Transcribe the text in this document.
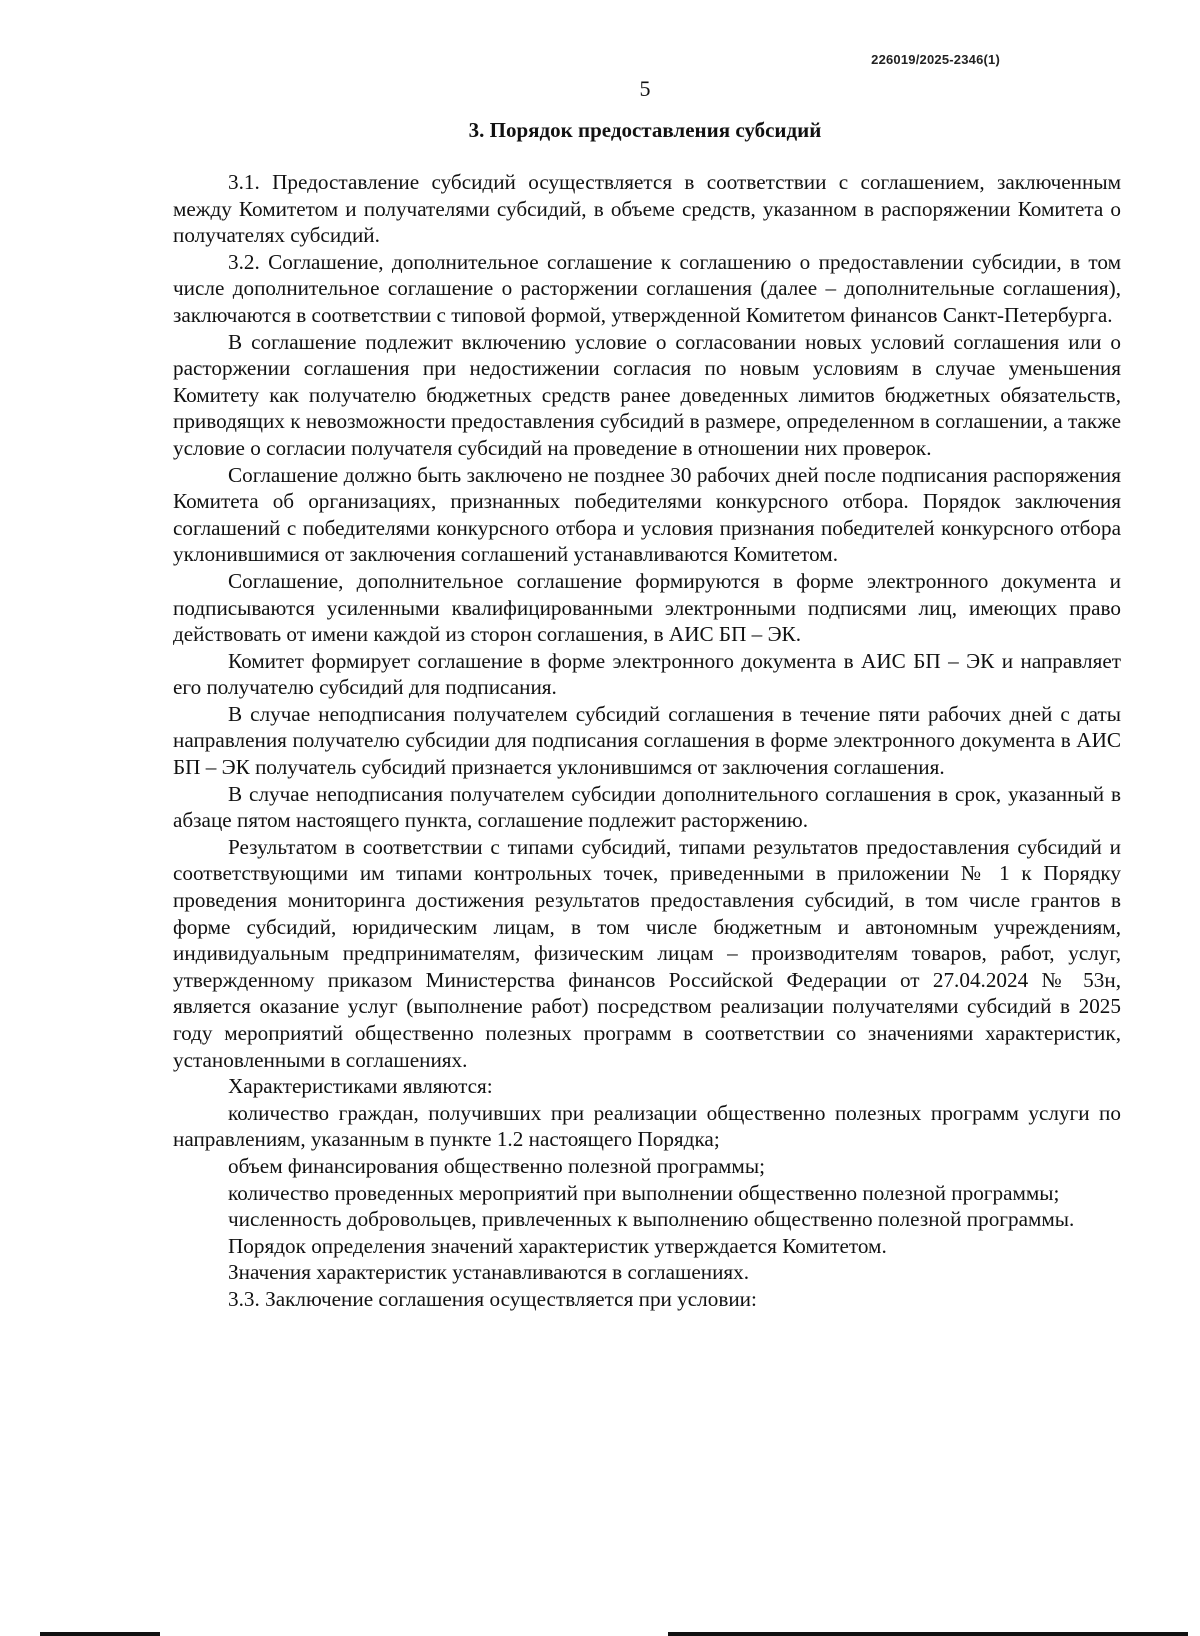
226019/2025-2346(1)
5
3. Порядок предоставления субсидий

3.1. Предоставление субсидий осуществляется в соответствии с соглашением, заключенным между Комитетом и получателями субсидий, в объеме средств, указанном в распоряжении Комитета о получателях субсидий.

3.2. Соглашение, дополнительное соглашение к соглашению о предоставлении субсидии, в том числе дополнительное соглашение о расторжении соглашения (далее – дополнительные соглашения), заключаются в соответствии с типовой формой, утвержденной Комитетом финансов Санкт-Петербурга.

В соглашение подлежит включению условие о согласовании новых условий соглашения или о расторжении соглашения при недостижении согласия по новым условиям в случае уменьшения Комитету как получателю бюджетных средств ранее доведенных лимитов бюджетных обязательств, приводящих к невозможности предоставления субсидий в размере, определенном в соглашении, а также условие о согласии получателя субсидий на проведение в отношении них проверок.

Соглашение должно быть заключено не позднее 30 рабочих дней после подписания распоряжения Комитета об организациях, признанных победителями конкурсного отбора. Порядок заключения соглашений с победителями конкурсного отбора и условия признания победителей конкурсного отбора уклонившимися от заключения соглашений устанавливаются Комитетом.

Соглашение, дополнительное соглашение формируются в форме электронного документа и подписываются усиленными квалифицированными электронными подписями лиц, имеющих право действовать от имени каждой из сторон соглашения, в АИС БП – ЭК.

Комитет формирует соглашение в форме электронного документа в АИС БП – ЭК и направляет его получателю субсидий для подписания.

В случае неподписания получателем субсидий соглашения в течение пяти рабочих дней с даты направления получателю субсидии для подписания соглашения в форме электронного документа в АИС БП – ЭК получатель субсидий признается уклонившимся от заключения соглашения.

В случае неподписания получателем субсидии дополнительного соглашения в срок, указанный в абзаце пятом настоящего пункта, соглашение подлежит расторжению.

Результатом в соответствии с типами субсидий, типами результатов предоставления субсидий и соответствующими им типами контрольных точек, приведенными в приложении № 1 к Порядку проведения мониторинга достижения результатов предоставления субсидий, в том числе грантов в форме субсидий, юридическим лицам, в том числе бюджетным и автономным учреждениям, индивидуальным предпринимателям, физическим лицам – производителям товаров, работ, услуг, утвержденному приказом Министерства финансов Российской Федерации от 27.04.2024 № 53н, является оказание услуг (выполнение работ) посредством реализации получателями субсидий в 2025 году мероприятий общественно полезных программ в соответствии со значениями характеристик, установленными в соглашениях.

Характеристиками являются:

количество граждан, получивших при реализации общественно полезных программ услуги по направлениям, указанным в пункте 1.2 настоящего Порядка;

объем финансирования общественно полезной программы;

количество проведенных мероприятий при выполнении общественно полезной программы;

численность добровольцев, привлеченных к выполнению общественно полезной программы.

Порядок определения значений характеристик утверждается Комитетом.

Значения характеристик устанавливаются в соглашениях.

3.3. Заключение соглашения осуществляется при условии:
